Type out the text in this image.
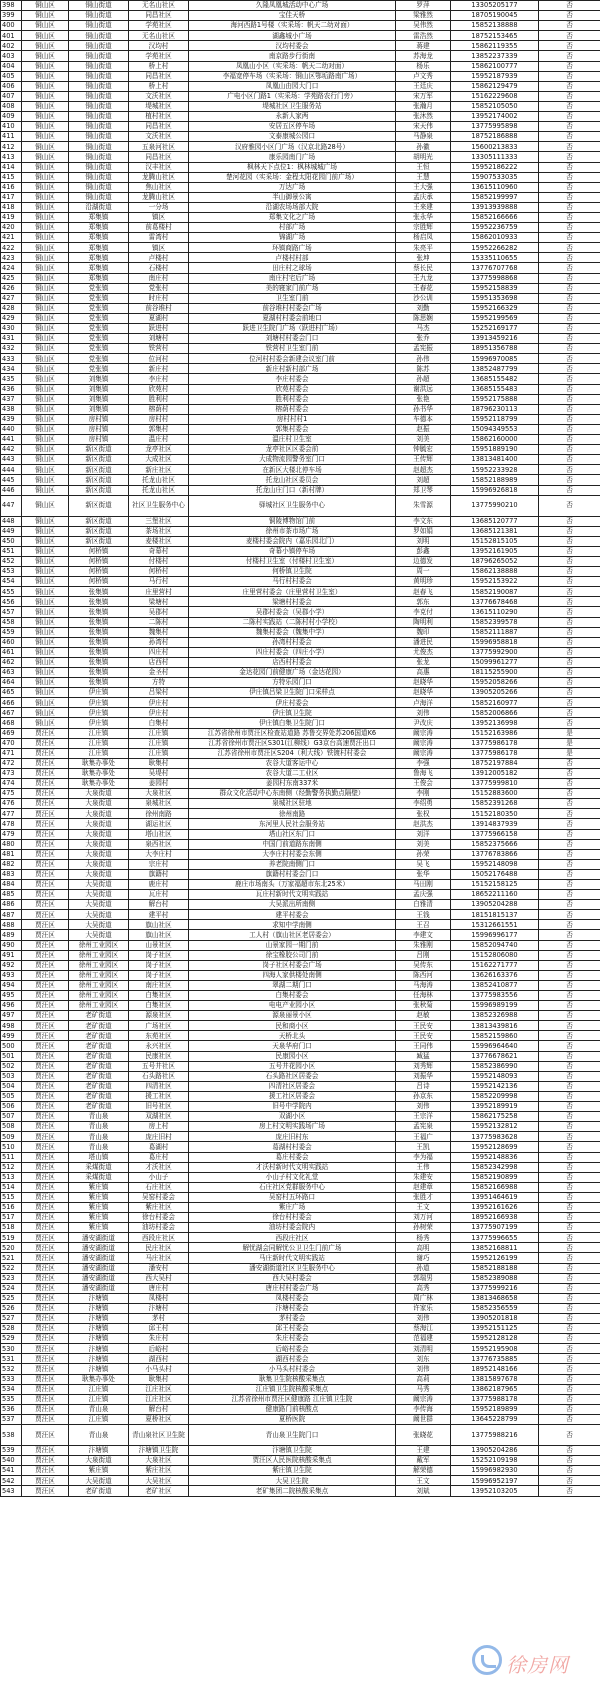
398	铜山区	铜山街道	无名山社区	久隆凤凰城活动中心广场	罗萍	13305205177	否
399	铜山区	铜山街道	同昌社区	宝佳天桥	梁雅然	18705190045	否
400	铜山区	铜山街道	学苑社区	海河西路1号楼（实采场：帆天二幼对面）	吴伟然	15852138888	否
401	铜山区	铜山街道	无名山社区	湖鑫城小广场	雷浩然	18752153465	否
402	铜山区	铜山街道	汉均村	汉均村委会	蒋建	15862119355	否
403	铜山区	铜山街道	学苑社区	南京路步行街南	苏海龙	13852237339	否
404	铜山区	铜山街道	桥上村	凤凰山小区（实采场：帆天二幼对面）	杨乐	15862100777	否
405	铜山区	铜山街道	同昌社区	李福宽停车场（实采场：铜山区鄂垢路南广场）	卢文秀	15952187939	否
406	铜山区	铜山街道	桥上村	凤凰山由园大门口	王廷庆	15862129479	否
407	铜山区	铜山街道	文沃社区	广电小区门路1（实采场：学苑路农行门旁）	宋万军	15162229608	否
408	铜山区	铜山街道	堤城社区	堤城社区卫生服务站	张瀚月	15852105050	否
409	铜山区	铜山街道	植村社区	永新人家两	张沐然	13952174002	否
410	铜山区	铜山街道	同昌社区	安居五区停车场	宋天伟	13775995898	否
411	铜山区	铜山街道	文沃社区	文泰康城公园口	马静泉	18752186888	否
412	铜山区	铜山街道	五泉河社区	汉府雅园小区门广场（汉京北路28号）	孙徽	15600213833	否
413	铜山区	铜山街道	同昌社区	康乐园南门广场	胡明光	13305111333	否
414	铜山区	铜山街道	汉丰社区	枫林天下点位1：枫林城城广场	王恒	15952186222	否
415	铜山区	铜山街道	龙腾山社区	楚河花园（实采场：金程太阳花园门前广场）	王慧	15907533035	否
416	铜山区	铜山街道	焦山社区	万达广场	王大强	13615110960	否
417	铜山区	铜山街道	龙腾山社区	半山御景公寓	孟庆承	15852199997	否
418	铜山区	沿湖街道	一分场	沿湖农场场部大院	王来建	13913939888	否
419	铜山区	郑集镇	镇区	郑集文化之广场	张永华	15852166666	否
420	铜山区	郑集镇	前葛楼村	村部广场	宗胜辉	15952236759	否
421	铜山区	郑集镇	雷湾村	锦湖广场	杨启凤	15862010933	否
422	铜山区	郑集镇	镇区	环镇商路广场	朱亮平	15952266282	否
423	铜山区	郑集镇	卢楼村	卢楼村村部	张坤	15335110655	否
424	铜山区	郑集镇	石楼村	田庄村之球场	蔡长民	13776707768	否
425	铜山区	郑集镇	南庄村	南庄村宅后广场	王九龙	13775998868	否
426	铜山区	党张镇	党张村	美的寝家门前广场	王春花	15952158839	否
427	铜山区	党张镇	时庄村	卫生室门前	沙公训	15951353698	否
428	铜山区	党张镇	前谷堆村	前谷堆村村委会广场	刘勤	15952166329	否
429	铜山区	党张镇	夏湖村	夏湖村村委会前地口	陈思娴	15952199569	否
430	铜山区	党张镇	跃进村	跃进卫生院门广场（跃进村广场）	马杰	15252169177	否
431	铜山区	党张镇	刘塘村	刘塘村村委会门口	张乔	13913459216	否
432	铜山区	党张镇	铁营村	铁营村卫生室门前	孟宪振	18951356788	否
433	铜山区	党张镇	位河村	位河村村委会新建会议室门前	孙伟	15996970085	否
434	铜山区	党张镇	新庄村	新庄村新村部广场	陈苏	13852487799	否
435	铜山区	刘集镇	李庄村	李庄村委会	孙超	13685155482	否
436	铜山区	刘集镇	欣苑村	欣苑村委会	谢洪远	13685155483	否
437	铜山区	刘集镇	胜利村	胜利村委会	张艳	15952175888	否
438	铜山区	刘集镇	榕荫村	榕荫村委会	孙书华	18796230113	否
439	铜山区	房村镇	房村村	房村村村1	车德本	15952118799	否
440	铜山区	房村镇	郭集村	郭集村委会	赵振	15094349553	否
441	铜山区	房村镇	温庄村	温庄村卫生室	刘美	15862160000	否
442	铜山区	新区街道	龙亭社区	龙亭社区区委会前	钟毓宏	15951889190	否
443	铜山区	新区街道	大成社区	大成物流园警务室门口	王传辉	13813481400	否
444	铜山区	新区街道	新庄社区	在新区大楼北停车场	赵超杰	15952233928	否
445	铜山区	新区街道	托龙山社区	托龙山社区委员会	刘超	15852188989	否
446	铜山区	新区街道	托龙山社区	托龙山庄门口（新村牌）	郑卫琴	15996926818	否
447	铜山区	新区街道	社区卫生服务中心	驿城社区卫生服务中心	朱雪源	13775990210	否
448	铜山区	新区街道	三堡社区	铜陵博物馆门前	李文东	13685120777	否
449	铜山区	新区街道	茶场社区	徐州市茶市场广场	罗如娟	13685121381	否
450	铜山区	新区街道	麦楼社区	麦楼村委会院内（嘉乐园北门）	刘明	15152815105	否
451	铜山区	何桥镇	奇幕村	奇幕小镇停车场	彭鑫	13952161905	否
452	铜山区	何桥镇	付楼村	付楼村卫生室（付楼村卫生室）	边德发	18796265052	否
453	铜山区	何桥镇	何桥村	何桥镇卫生院	周一	15862138888	否
454	铜山区	何桥镇	马行村	马行村村委会	黄明珍	15952153922	否
455	铜山区	张集镇	庄里营村	庄里营村委会（庄里营村卫生室）	赵春飞	15852190087	否
456	铜山区	张集镇	梁塘村	梁塘村村委会	郭东	13776678468	否
457	铜山区	张集镇	吴郡村	吴郡村委会（吴郡小学）	李克付	13615110290	否
458	铜山区	张集镇	二陈村	二陈村实践站（二陈村村小学校）	陶明利	15852399578	否
459	铜山区	张集镇	魏集村	魏集村委会（魏集中学）	魏印	15852111887	否
460	铜山区	张集镇	孙湾村	孙湾村村委会	潘进民	15996958818	否
461	铜山区	张集镇	四庄村	四庄村委会（四庄小学）	尤俊杰	13775992900	否
462	铜山区	张集镇	店西村	店西村村委会	张龙	15099961277	否
463	铜山区	张集镇	金圣村	金达花园门前健康广场（金达花园）	高惠	18115255900	否
464	铜山区	张集镇	方特	方特乐园门口	赵晓华	15952058266	否
465	铜山区	伊庄镇	吕梁村	伊庄镇吕梁卫生院门口采样点	赵晓华	13905205266	否
466	铜山区	伊庄镇	伊庄村	伊庄村委会	卢海洋	15852160977	否
467	铜山区	伊庄镇	伊庄村	伊庄镇卫生院	刘伟	15852006866	否
468	铜山区	伊庄镇	白集村	伊庄镇白集卫生院门口	尹改庆	13952136998	否
469	贾汪区	江庄镇	江庄镇	江苏省徐州市贾汪区检查站道路 苏鲁交界处苏206国道K6	阚宗涛	15152163986	是
470	贾汪区	江庄镇	江庄镇	江苏省徐州市贾汪区S301(江柳线）G3京台高速贾汪出口	阚宗涛	13775986178	是
471	贾汪区	江庄镇	江庄镇	江苏省徐州市贾汪区S204（利大线）铁镀村村委会	阚宗涛	13775986178	是
472	贾汪区	耿集办事处	耿集村	农谷大道客运中心	李强	18752197884	否
473	贾汪区	耿集办事处	吴堤村	农谷大道二工业区	鲁海飞	13912005182	否
474	贾汪区	耿集办事处	姜园村	姜园村东南337米	王俊会	13775999810	否
475	贾汪区	大泉街道	大泉社区	群众文化活动中心东南侧（经勤警务执勤点隔壁）	李刚	15152883600	否
476	贾汪区	大泉街道	泉城社区	泉城社区驻地	李绍勇	15852391268	否
477	贾汪区	大泉街道	徐州南路	徐州南路	张权	15152180350	否
478	贾汪区	大泉街道	湖运社区	东河里人民社会服务站	赵洪杰	13914837939	否
479	贾汪区	大泉街道	塔山社区	塔山社区东门口	刘洋	13775966158	否
480	贾汪区	大泉街道	泉西社区	中国门前道路东南侧	刘美	15852375666	否
481	贾汪区	大泉街道	大李庄村	大李庄村村委会东侧	孙荣	13776783866	否
482	贾汪区	大泉街道	宗庄村	养老院南侧门口	吴飞	15952148098	否
483	贾汪区	大泉街道	旗籍村	旗籍村村委会门口	张华	15052176488	否
484	贾汪区	大吴街道	鹿庄村	鹿庄市场南头（万家福超市东北25米）	马田刚	15152158125	否
485	贾汪区	大吴街道	瓦庄村	瓦庄村新时代文明实践站	孟庆强	18652211160	否
486	贾汪区	大吴街道	解台村	大吴派出所南侧	白雅清	13905204288	否
487	贾汪区	大吴街道	建平村	建平村委会	王钱	18151815137	否
488	贾汪区	大吴街道	旗山社区	求知中学南侧	王召	15312661551	否
489	贾汪区	大吴街道	旗山社区	工人村（旗山社区老居委会）	李建文	15996996177	否
490	贾汪区	徐州工业园区	山景社区	山景家园一期门前	朱雅刚	15852094740	否
491	贾汪区	徐州工业园区	岗子社区	徐宝橡胶公司门前	吕刚	15152806080	否
492	贾汪区	徐州工业园区	岗子社区	岗子社区村委会广场	吴传东	15162271777	否
493	贾汪区	徐州工业园区	岗子社区	四海人家供楼处南侧	陈西河	13626163376	否
494	贾汪区	徐州工业园区	南庄社区	翠湖二期门口	马海涛	13852410877	否
495	贾汪区	徐州工业园区	白集社区	白集村委会	任海林	13775983556	否
496	贾汪区	徐州工业园区	白集社区	电电产业园小区	张秋菊	15996989199	否
497	贾汪区	老矿街道	源泉社区	源泉丽景小区	赵敏	13852326988	否
498	贾汪区	老矿街道	广场社区	民和商小区	王民安	13813439816	否
499	贾汪区	老矿街道	东苑社区	天桥北头	王民安	15852159860	否
500	贾汪区	老矿街道	永兴社区	天泉华府门口	王同伟	15996964640	否
501	贾汪区	老矿街道	民康社区	民康园小区	臧猛	13776678621	否
502	贾汪区	老矿街道	五号井社区	五号井花园小区	刘秀辉	15852386990	否
503	贾汪区	老矿街道	石头路社区	石头路社区居委会	刘振华	15952148093	否
504	贾汪区	老矿街道	四清社区	四清社区居委会	吕诗	15952142136	否
505	贾汪区	老矿街道	援工社区	援工社区居委会	孙京东	15852209998	否
506	贾汪区	老矿街道	旧号社区	旧号中学院内	刘伟	13952189919	否
507	贾汪区	青山泉	双湖社区	双湖小区	王宗洋	15862175258	否
508	贾汪区	青山泉	房上村	房上村文明实践场广场	孟宪泉	15952132812	否
509	贾汪区	青山泉	庞庄旧村	庞庄旧村东	王福广	13775983628	否
510	贾汪区	青山泉	葛湖村	葛湖村村委会	王凯	15952128699	否
511	贾汪区	塔山镇	葛庄村	葛庄村委会	李为福	15952148836	否
512	贾汪区	采煤街道	才沃社区	才沃村新时代文明实践站	王伟	15852342998	否
513	贾汪区	采煤街道	小山子	小山子村文化礼堂	朱建安	15852190899	否
514	贾汪区	紫庄镇	石庄社区	石庄社区党群服务中心	赵建章	15852166988	否
515	贾汪区	紫庄镇	吴窑村委会	吴窑村五环路口	张胜才	13951464619	否
516	贾汪区	紫庄镇	紫庄社区	紫庄广场	王文	13952161626	否
517	贾汪区	紫庄镇	徐台村委会	徐台村村委会	刘万河	18952166938	否
518	贾汪区	紫庄镇	油坊村委会	油坊村委会院内	孙树荣	13775907199	否
519	贾汪区	潘安湖街道	西段庄社区	西段庄社区	杨秀	13775996655	否
520	贾汪区	潘安湖街道	民庄社区	解忧湖会同解忧公卫卫生门前广场	高明	13852168811	否
521	贾汪区	潘安湖街道	马庄社区	马庄新时代文明实践站	谢巧	15952126199	否
522	贾汪区	潘安湖街道	潘安村	潘安湖街道社区卫生服务中心	孙道	15852188188	否
523	贾汪区	潘安湖街道	西大吴村	西大吴村委会	郭瑞男	15852389088	否
524	贾汪区	潘安湖街道	唐庄村	唐庄村村委会广场	高秀	13775999216	否
525	贾汪区	汴塘镇	凤楼村	凤楼村委会	周广林	13813468658	否
526	贾汪区	汴塘镇	汴塘村	汴塘村委会	许家乐	15852356559	否
527	贾汪区	汴塘镇	茅村	茅村委会	刘伟	13905201818	否
528	贾汪区	汴塘镇	邱王村	邱王村委会	蔡海江	13952151125	否
529	贾汪区	汴塘镇	朱庄村	朱庄村委会	范福建	15952128128	否
530	贾汪区	汴塘镇	后峪村	后峪村委会	刘清明	15952195908	否
531	贾汪区	汴塘镇	湖西村	湖西村委会	刘东	13776735885	否
532	贾汪区	汴塘镇	小马头村	小马头村村委会	刘伟	18952148166	否
533	贾汪区	耿集办事处	耿集村	耿集卫生院核酸采集点	高莉	13815897678	否
534	贾汪区	江庄镇	江庄社区	江庄镇卫生院核酸采集点	马秀	13862187965	否
535	贾汪区	江庄镇	江庄社区	江苏省徐州市贾汪区健康路 江庄镇卫生院	阚宗涛	13775988178	否
536	贾汪区	青山泉	解台村	健康路门前核酸点	李传海	15952189899	否
537	贾汪区	江庄镇	夏桥社区	夏桥医院	阚世群	13645228799	否
538	贾汪区	青山泉	青山泉社区卫生院	青山泉卫生院门口	张晓花	13775988216	否
539	贾汪区	汴塘镇	汴塘镇卫生院	汴塘镇卫生院	王建	13905204286	否
540	贾汪区	大泉街道	大泉社区	贾汪区人民医院核酸采集点	戴军	15252109198	否
541	贾汪区	紫庄镇	紫庄社区	紫庄镇卫生院	解荣德	15996982930	否
542	贾汪区	大吴街道	大吴社区	大吴卫生院	王文	15996952197	否
543	贾汪区	老矿街道	老矿社区	老矿集团二院核酸采集点	刘斌	13952103205	否
徐房网
